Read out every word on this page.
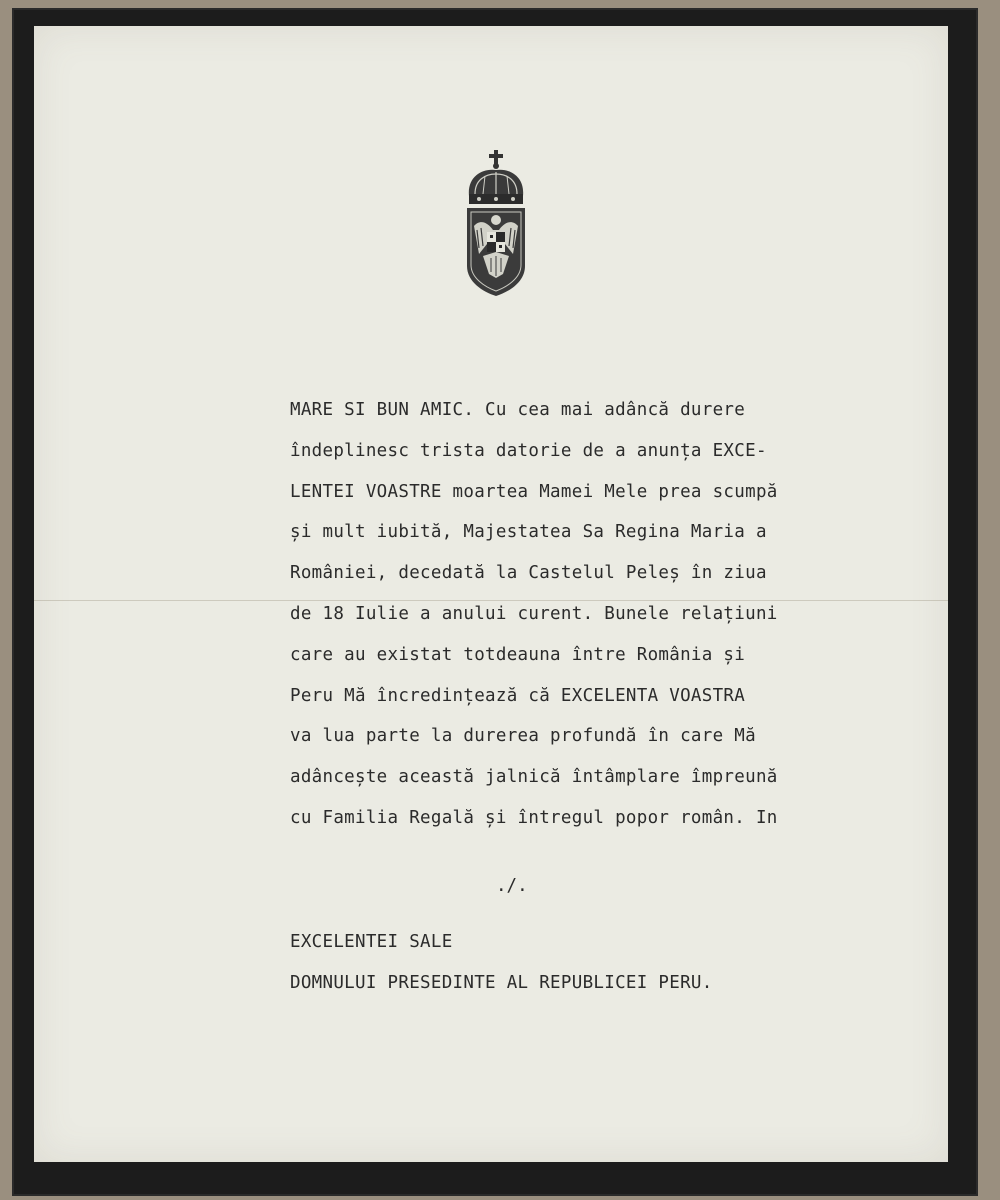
MARE SI BUN AMIC. Cu cea mai adâncă durere
îndeplinesc trista datorie de a anunța EXCE-
LENTEI VOASTRE moartea Mamei Mele prea scumpă
și mult iubită, Majestatea Sa Regina Maria a
României, decedată la Castelul Peleș în ziua
de 18 Iulie a anului curent. Bunele relațiuni
care au existat totdeauna între România și
Peru Mă încredințează că EXCELENTA VOASTRA
va lua parte la durerea profundă în care Mă
adâncește această jalnică întâmplare împreună
cu Familia Regală și întregul popor român. In
./.
EXCELENTEI SALE
DOMNULUI PRESEDINTE AL REPUBLICEI PERU.
